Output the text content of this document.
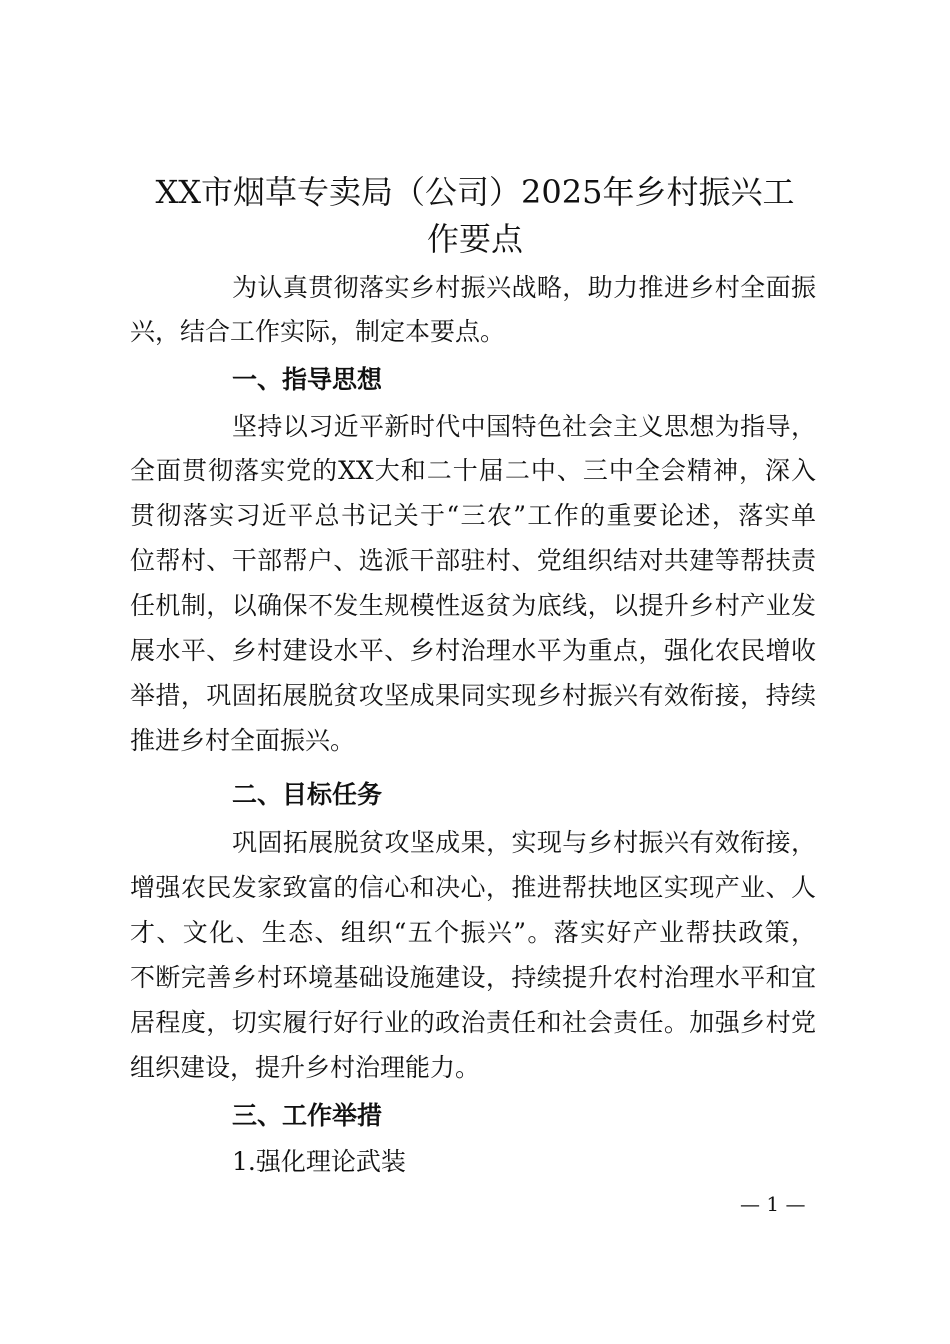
XX市烟草专卖局（公司）2025年乡村振兴工
作要点
为认真贯彻落实乡村振兴战略，助力推进乡村全面振
兴，结合工作实际，制定本要点。
一、指导思想
坚持以习近平新时代中国特色社会主义思想为指导，
全面贯彻落实党的XX大和二十届二中、三中全会精神，深入
贯彻落实习近平总书记关于“三农”工作的重要论述，落实单
位帮村、干部帮户、选派干部驻村、党组织结对共建等帮扶责
任机制，以确保不发生规模性返贫为底线，以提升乡村产业发
展水平、乡村建设水平、乡村治理水平为重点，强化农民增收
举措，巩固拓展脱贫攻坚成果同实现乡村振兴有效衔接，持续
推进乡村全面振兴。
二、目标任务
巩固拓展脱贫攻坚成果，实现与乡村振兴有效衔接，
增强农民发家致富的信心和决心，推进帮扶地区实现产业、人
才、文化、生态、组织“五个振兴”。落实好产业帮扶政策，
不断完善乡村环境基础设施建设，持续提升农村治理水平和宜
居程度，切实履行好行业的政治责任和社会责任。加强乡村党
组织建设，提升乡村治理能力。
三、工作举措
1.强化理论武装
— 1 —
